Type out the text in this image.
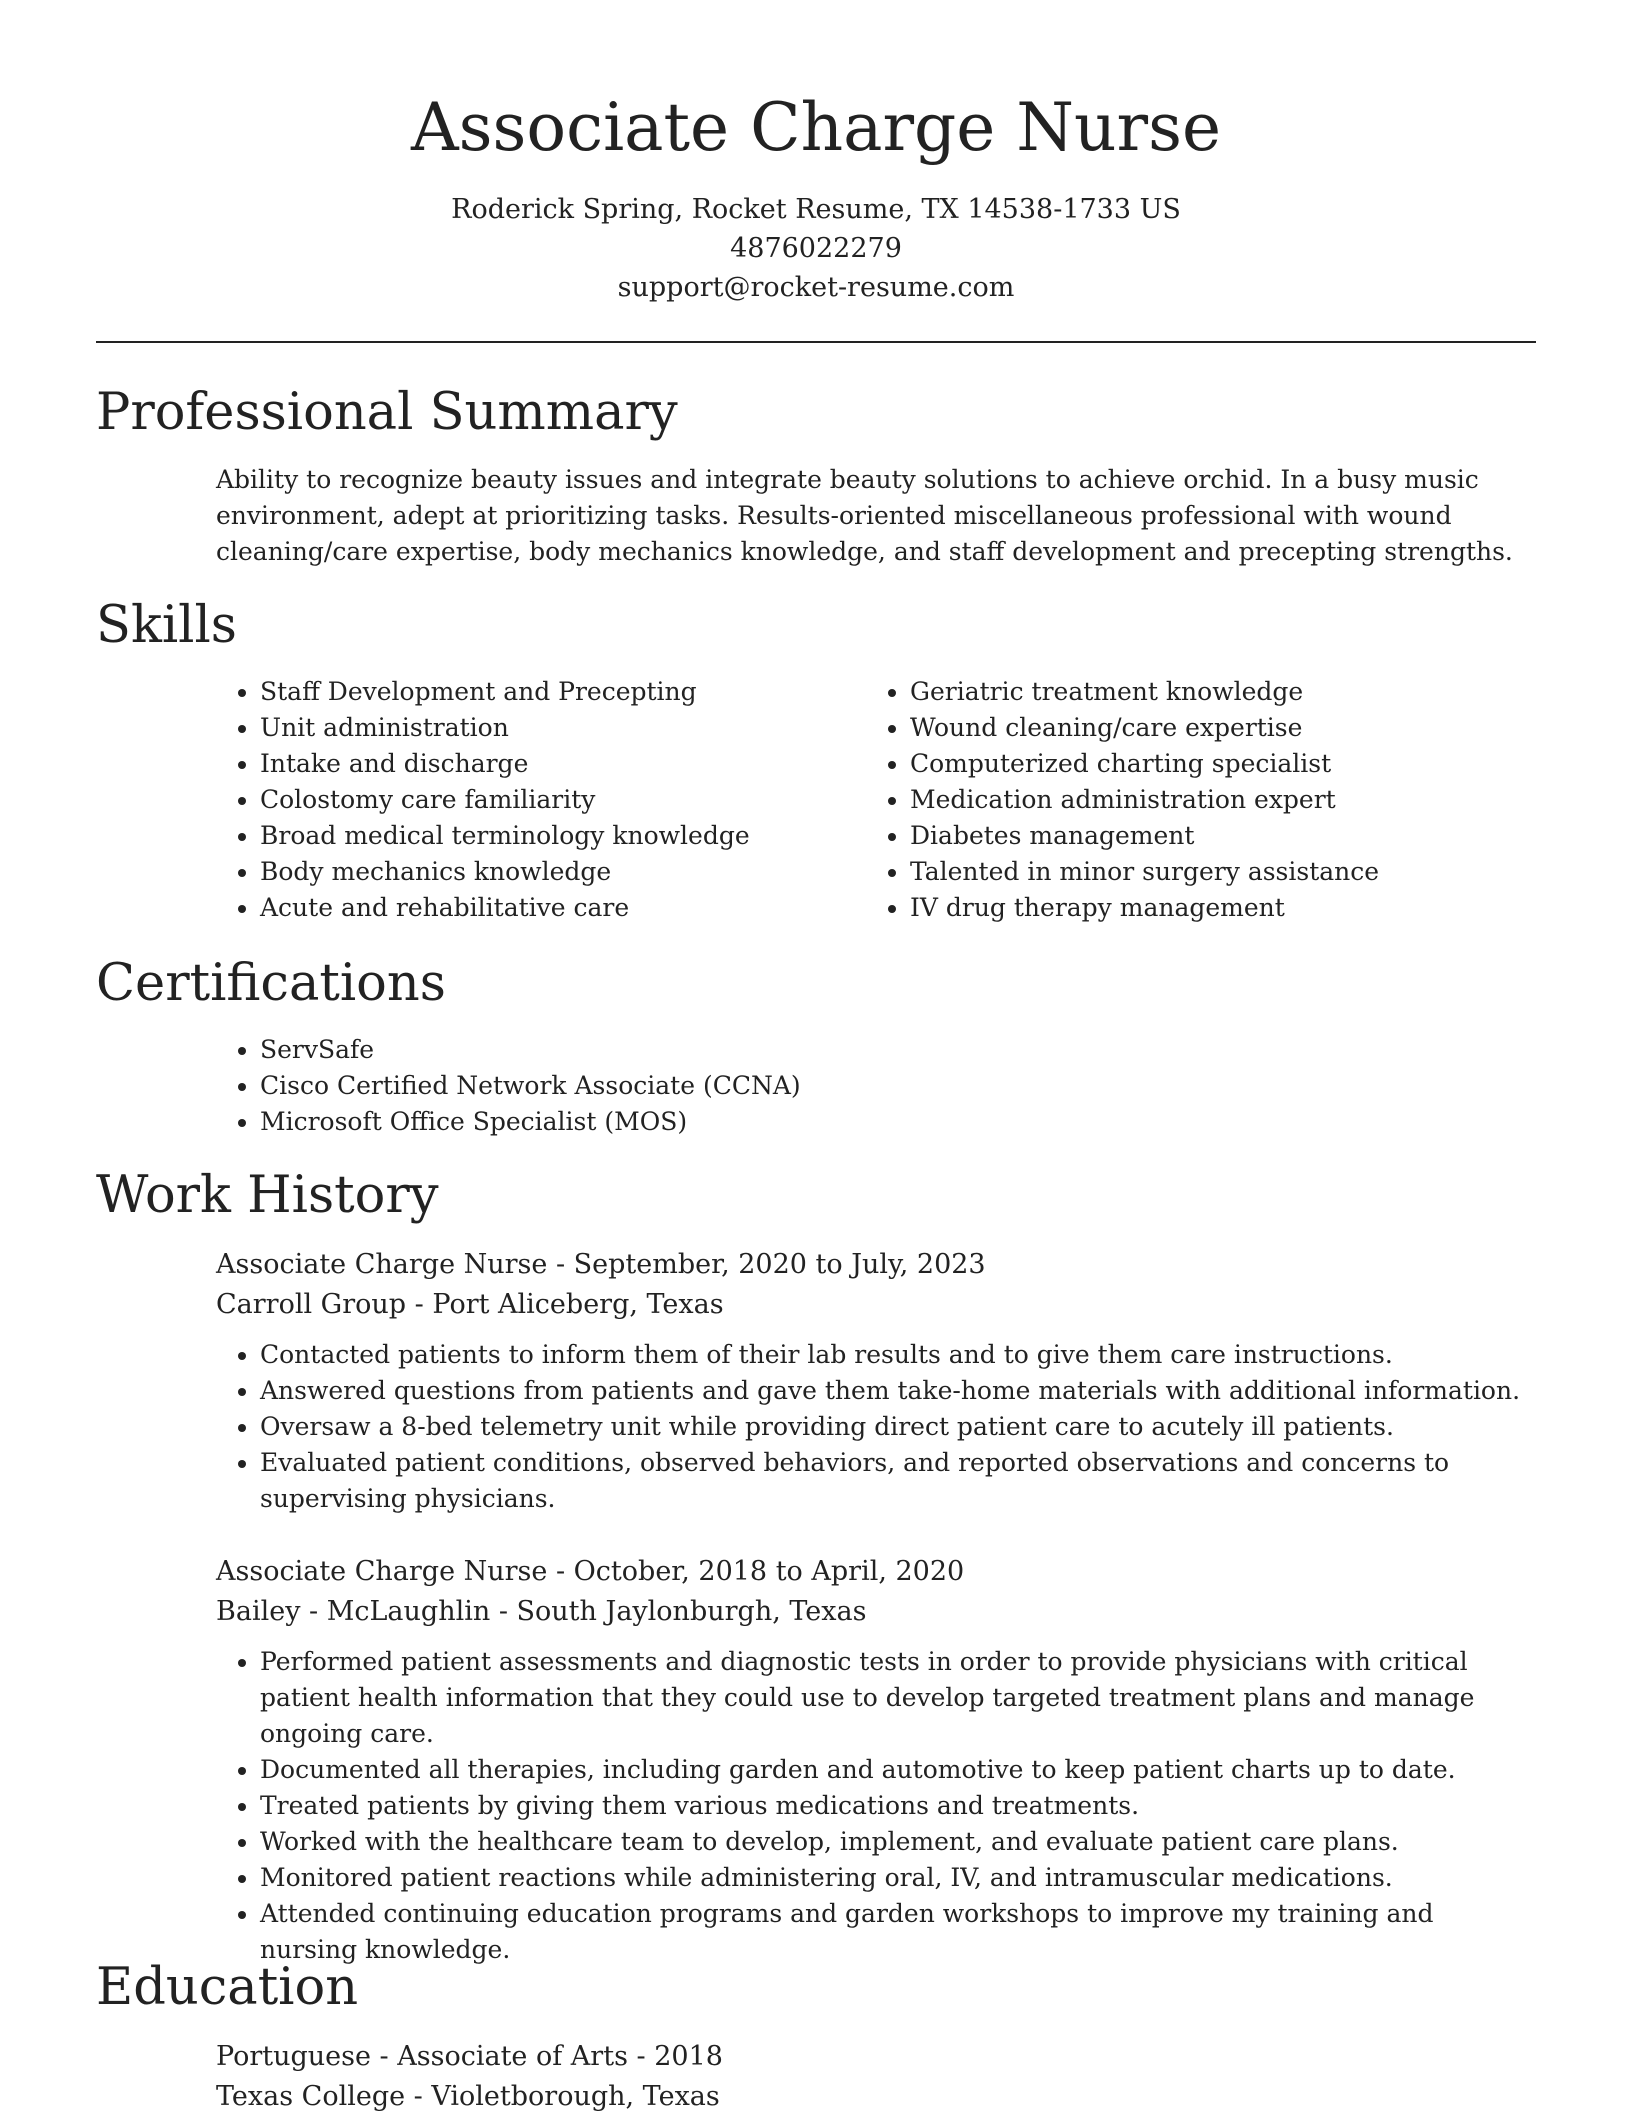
Associate Charge Nurse
Roderick Spring, Rocket Resume, TX 14538-1733 US
4876022279
support@rocket-resume.com
Professional Summary

Ability to recognize beauty issues and integrate beauty solutions to achieve orchid. In a busy music environment, adept at prioritizing tasks. Results-oriented miscellaneous professional with wound cleaning/care expertise, body mechanics knowledge, and staff development and precepting strengths.

Skills
• Staff Development and Precepting
• Unit administration
• Intake and discharge
• Colostomy care familiarity
• Broad medical terminology knowledge
• Body mechanics knowledge
• Acute and rehabilitative care
• Geriatric treatment knowledge
• Wound cleaning/care expertise
• Computerized charting specialist
• Medication administration expert
• Diabetes management
• Talented in minor surgery assistance
• IV drug therapy management
Certifications
• ServSafe
• Cisco Certified Network Associate (CCNA)
• Microsoft Office Specialist (MOS)
Work History
Associate Charge Nurse - September, 2020 to July, 2023
Carroll Group - Port Aliceberg, Texas
• Contacted patients to inform them of their lab results and to give them care instructions.
• Answered questions from patients and gave them take-home materials with additional information.
• Oversaw a 8-bed telemetry unit while providing direct patient care to acutely ill patients.
• Evaluated patient conditions, observed behaviors, and reported observations and concerns to supervising physicians.
Associate Charge Nurse - October, 2018 to April, 2020
Bailey - McLaughlin - South Jaylonburgh, Texas
• Performed patient assessments and diagnostic tests in order to provide physicians with critical patient health information that they could use to develop targeted treatment plans and manage ongoing care.
• Documented all therapies, including garden and automotive to keep patient charts up to date.
• Treated patients by giving them various medications and treatments.
• Worked with the healthcare team to develop, implement, and evaluate patient care plans.
• Monitored patient reactions while administering oral, IV, and intramuscular medications.
• Attended continuing education programs and garden workshops to improve my training and nursing knowledge.
Education
Portuguese - Associate of Arts - 2018
Texas College - Violetborough, Texas
